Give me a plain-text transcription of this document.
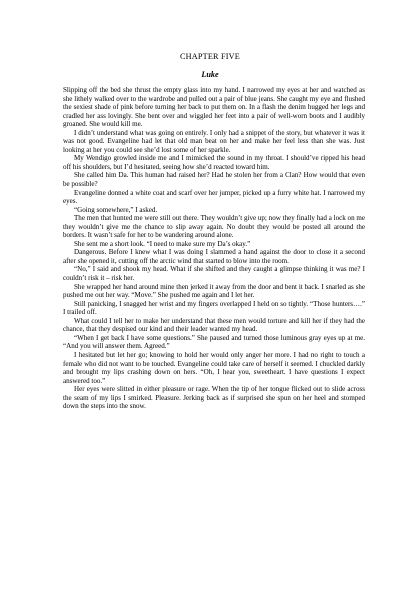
CHAPTER FIVE
Luke

Slipping off the bed she thrust the empty glass into my hand. I narrowed my eyes at her and watched as she lithely walked over to the wardrobe and pulled out a pair of blue jeans. She caught my eye and flushed the sexiest shade of pink before turning her back to put them on. In a flash the denim hugged her legs and cradled her ass lovingly. She bent over and wiggled her feet into a pair of well-worn boots and I audibly groaned. She would kill me.

I didn’t understand what was going on entirely. I only had a snippet of the story, but whatever it was it was not good. Evangeline had let that old man beat on her and make her feel less than she was. Just looking at her you could see she’d lost some of her sparkle.

My Wendigo growled inside me and I mimicked the sound in my throat. I should’ve ripped his head off his shoulders, but I’d hesitated, seeing how she’d reacted toward him.

She called him Da. This human had raised her? Had he stolen her from a Clan? How would that even be possible?

Evangeline donned a white coat and scarf over her jumper, picked up a furry white hat. I narrowed my eyes.

“Going somewhere,” I asked.

The men that hunted me were still out there. They wouldn’t give up; now they finally had a lock on me they wouldn’t give me the chance to slip away again. No doubt they would be posted all around the borders. It wasn’t safe for her to be wandering around alone.

She sent me a short look. “I need to make sure my Da’s okay.”

Dangerous. Before I knew what I was doing I slammed a hand against the door to close it a second after she opened it, cutting off the arctic wind that started to blow into the room.

“No,” I said and shook my head. What if she shifted and they caught a glimpse thinking it was me? I couldn’t risk it – risk her.

She wrapped her hand around mine then jerked it away from the door and bent it back. I snarled as she pushed me out her way. “Move.” She pushed me again and I let her.

Still panicking, I snagged her wrist and my fingers overlapped I held on so tightly. “Those hunters….” I trailed off.

What could I tell her to make her understand that these men would torture and kill her if they had the chance, that they despised our kind and their leader wanted my head.

“When I get back I have some questions.” She paused and turned those luminous gray eyes up at me. “And you will answer them. Agreed.”

I hesitated but let her go; knowing to hold her would only anger her more. I had no right to touch a female who did not want to be touched. Evangeline could take care of herself it seemed. I chuckled darkly and brought my lips crashing down on hers. “Oh, I hear you, sweetheart. I have questions I expect answered too.”

Her eyes were slitted in either pleasure or rage. When the tip of her tongue flicked out to slide across the seam of my lips I smirked. Pleasure. Jerking back as if surprised she spun on her heel and stomped down the steps into the snow.
